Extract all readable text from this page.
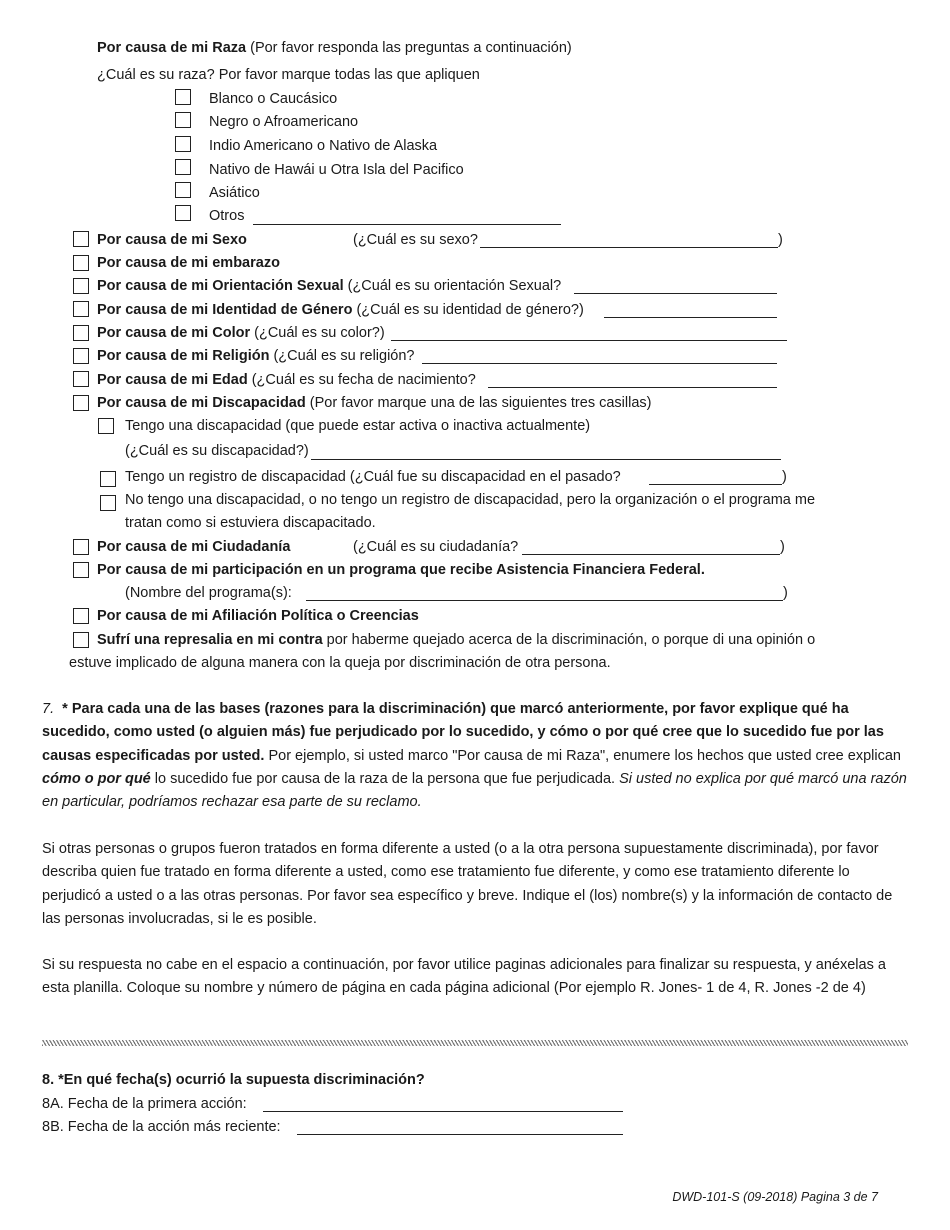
Por causa de mi Raza (Por favor responda las preguntas a continuación)
¿Cuál es su raza? Por favor marque todas las que apliquen
Blanco o Caucásico
Negro o Afroamericano
Indio Americano o Nativo de Alaska
Nativo de Hawái u Otra Isla del Pacifico
Asiático
Otros
Por causa de mi Sexo	(¿Cuál es su sexo?	)
Por causa de mi embarazo
Por causa de mi Orientación Sexual (¿Cuál es su orientación Sexual?
Por causa de mi Identidad de Género (¿Cuál es su identidad de género?)
Por causa de mi Color (¿Cuál es su color?)
Por causa de mi Religión (¿Cuál es su religión?
Por causa de mi Edad (¿Cuál es su fecha de nacimiento?
Por causa de mi Discapacidad (Por favor marque una de las siguientes tres casillas)
Tengo una discapacidad (que puede estar activa o inactiva actualmente)
(¿Cuál es su discapacidad?)
Tengo un registro de discapacidad (¿Cuál fue su discapacidad en el pasado?	)
No tengo una discapacidad, o no tengo un registro de discapacidad, pero la organización o el programa me
tratan como si estuviera discapacitado.
Por causa de mi Ciudadanía	(¿Cuál es su ciudadanía?	)
Por causa de mi participación en un programa que recibe Asistencia Financiera Federal.
(Nombre del programa(s):	)
Por causa de mi Afiliación Política o Creencias
Sufrí una represalia en mi contra por haberme quejado acerca de la discriminación, o porque di una opinión o
estuve implicado de alguna manera con la queja por discriminación de otra persona.
7. * Para cada una de las bases (razones para la discriminación) que marcó anteriormente, por favor explique qué ha sucedido, como usted (o alguien más) fue perjudicado por lo sucedido, y cómo o por qué cree que lo sucedido fue por las causas especificadas por usted. Por ejemplo, si usted marco "Por causa de mi Raza", enumere los hechos que usted cree explican cómo o por qué lo sucedido fue por causa de la raza de la persona que fue perjudicada. Si usted no explica por qué marcó una razón en particular, podríamos rechazar esa parte de su reclamo.
Si otras personas o grupos fueron tratados en forma diferente a usted (o a la otra persona supuestamente discriminada), por favor describa quien fue tratado en forma diferente a usted, como ese tratamiento fue diferente, y como ese tratamiento diferente lo perjudicó a usted o a las otras personas. Por favor sea específico y breve. Indique el (los) nombre(s) y la información de contacto de las personas involucradas, si le es posible.
Si su respuesta no cabe en el espacio a continuación, por favor utilice paginas adicionales para finalizar su respuesta, y anéxelas a esta planilla. Coloque su nombre y número de página en cada página adicional (Por ejemplo R. Jones- 1 de 4, R. Jones -2 de 4)
8. *En qué fecha(s) ocurrió la supuesta discriminación?
8A. Fecha de la primera acción:
8B. Fecha de la acción más reciente:
DWD-101-S (09-2018) Pagina 3 de 7
